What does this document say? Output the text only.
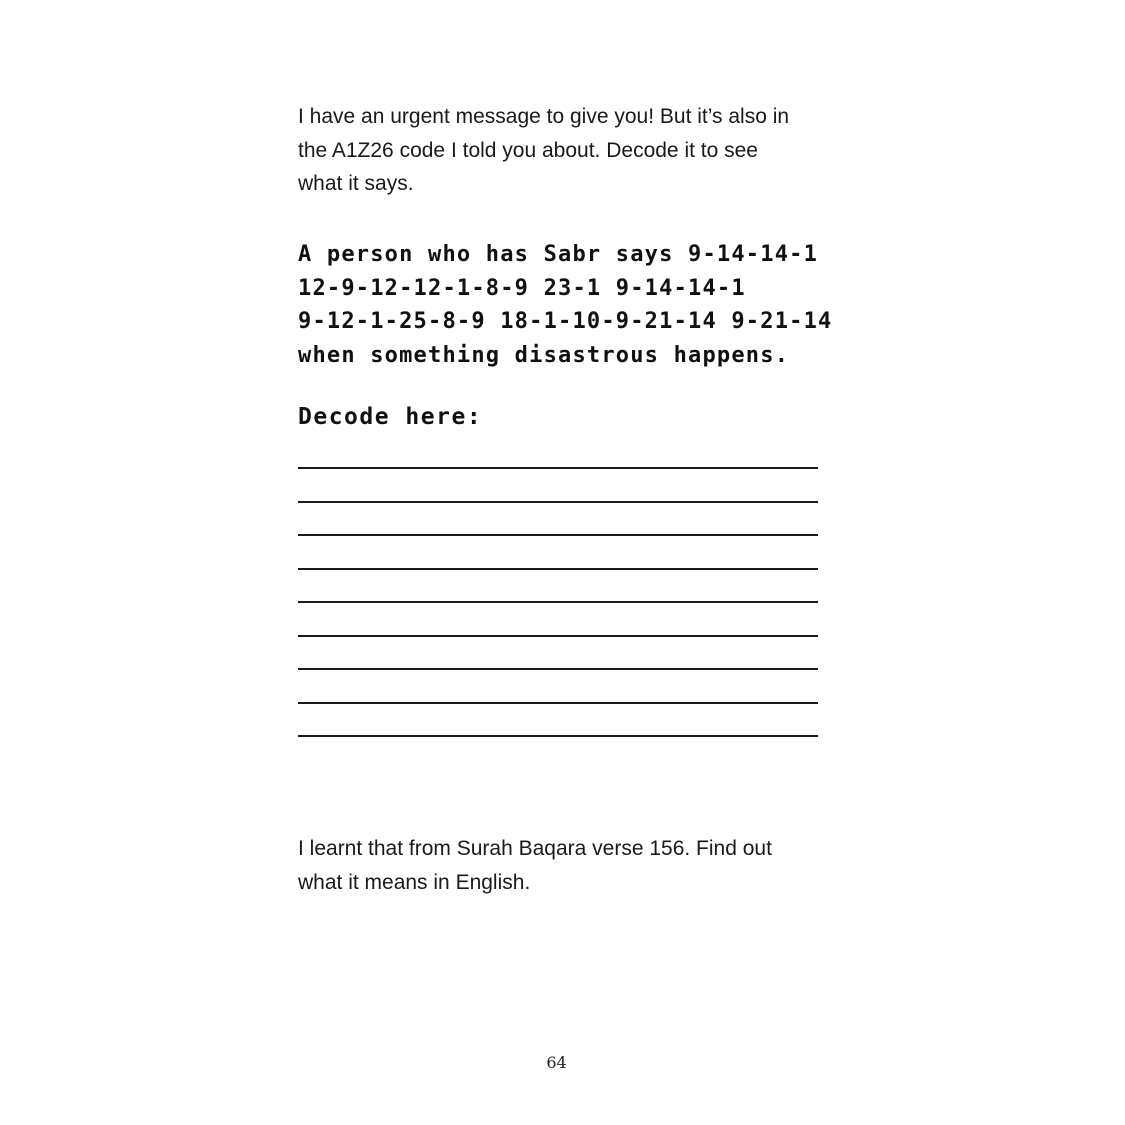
I have an urgent message to give you! But it’s also in

the A1Z26 code I told you about. Decode it to see

what it says.

A person who has Sabr says 9-14-14-1
12-9-12-12-1-8-9 23-1 9-14-14-1
9-12-1-25-8-9 18-1-10-9-21-14 9-21-14
when something disastrous happens.
Decode here:

I learnt that from Surah Baqara verse 156. Find out

what it means in English.

64
